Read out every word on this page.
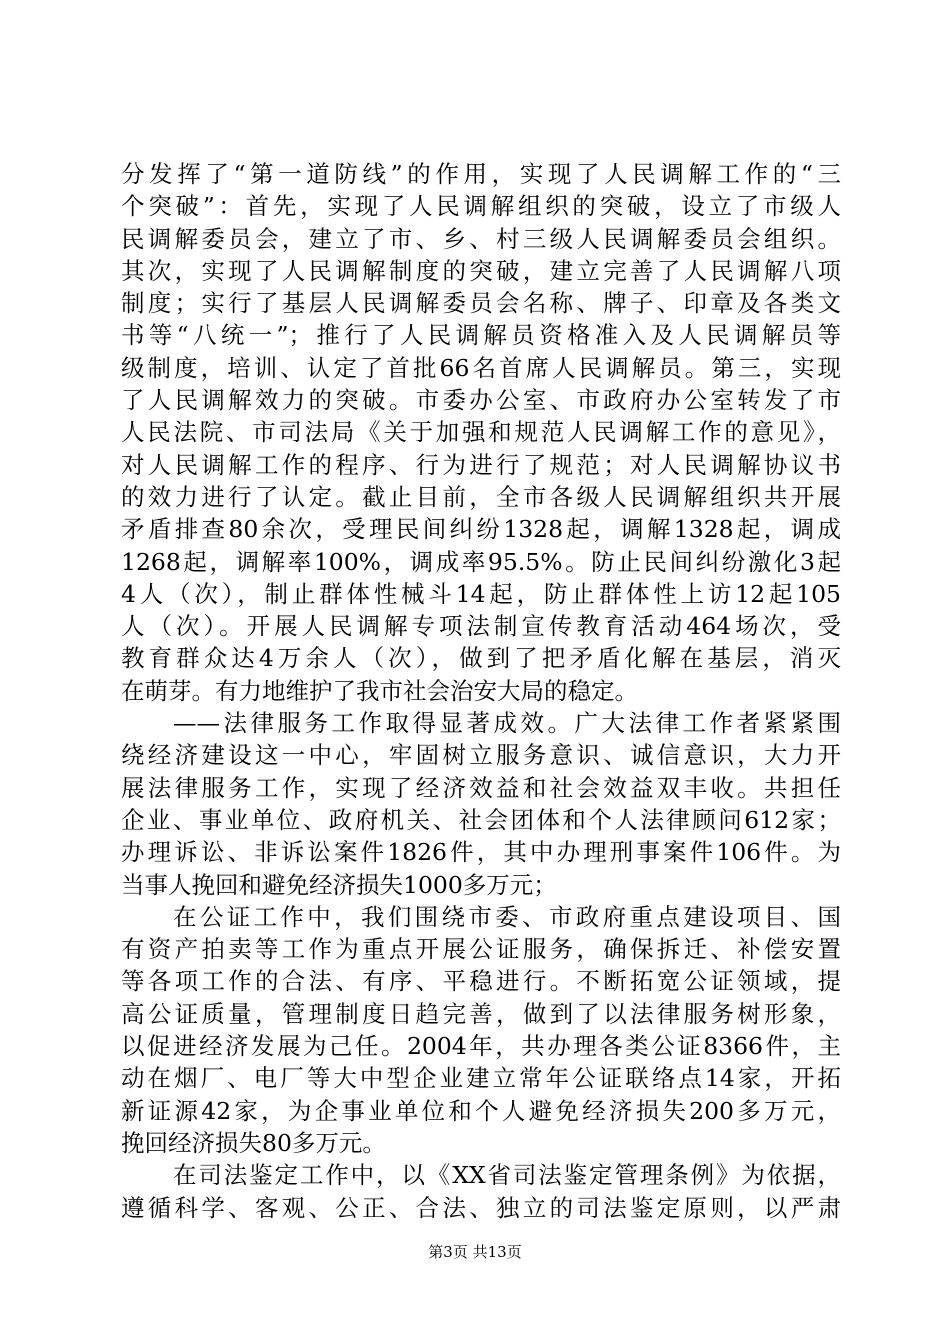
分发挥了“第一道防线”的作用，实现了人民调解工作的“三
个突破”：首先，实现了人民调解组织的突破，设立了市级人
民调解委员会，建立了市、乡、村三级人民调解委员会组织。
其次，实现了人民调解制度的突破，建立完善了人民调解八项
制度；实行了基层人民调解委员会名称、牌子、印章及各类文
书等“八统一”；推行了人民调解员资格准入及人民调解员等
级制度，培训、认定了首批66名首席人民调解员。第三，实现
了人民调解效力的突破。市委办公室、市政府办公室转发了市
人民法院、市司法局《关于加强和规范人民调解工作的意见》，
对人民调解工作的程序、行为进行了规范；对人民调解协议书
的效力进行了认定。截止目前，全市各级人民调解组织共开展
矛盾排查80余次，受理民间纠纷1328起，调解1328起，调成
1268起，调解率100%，调成率95.5%。防止民间纠纷激化3起
4人（次），制止群体性械斗14起，防止群体性上访12起105
人（次）。开展人民调解专项法制宣传教育活动464场次，受
教育群众达4万余人（次），做到了把矛盾化解在基层，消灭
在萌芽。有力地维护了我市社会治安大局的稳定。
——法律服务工作取得显著成效。广大法律工作者紧紧围
绕经济建设这一中心，牢固树立服务意识、诚信意识，大力开
展法律服务工作，实现了经济效益和社会效益双丰收。共担任
企业、事业单位、政府机关、社会团体和个人法律顾问612家；
办理诉讼、非诉讼案件1826件，其中办理刑事案件106件。为
当事人挽回和避免经济损失1000多万元；
在公证工作中，我们围绕市委、市政府重点建设项目、国
有资产拍卖等工作为重点开展公证服务，确保拆迁、补偿安置
等各项工作的合法、有序、平稳进行。不断拓宽公证领域，提
高公证质量，管理制度日趋完善，做到了以法律服务树形象，
以促进经济发展为己任。2004年，共办理各类公证8366件，主
动在烟厂、电厂等大中型企业建立常年公证联络点14家，开拓
新证源42家，为企事业单位和个人避免经济损失200多万元，
挽回经济损失80多万元。
在司法鉴定工作中，以《XX省司法鉴定管理条例》为依据，
遵循科学、客观、公正、合法、独立的司法鉴定原则，以严肃
第3页 共13页
